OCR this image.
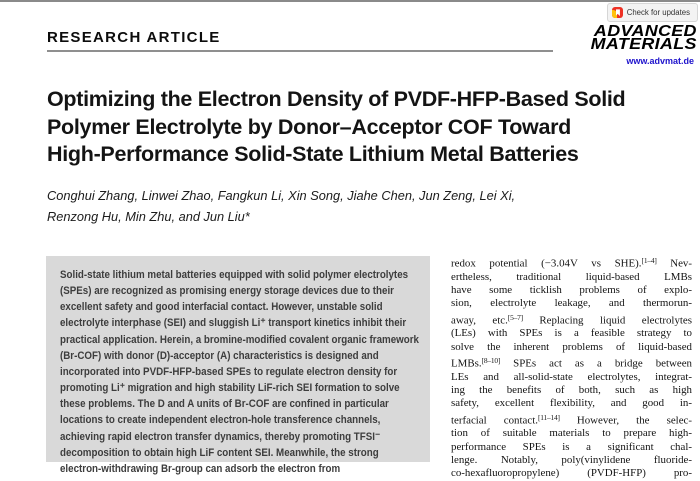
Check for updates
RESEARCH ARTICLE	ADVANCED
MATERIALS
www.advmat.de
Optimizing the Electron Density of PVDF-HFP-Based Solid
Polymer Electrolyte by Donor–Acceptor COF Toward
High-Performance Solid-State Lithium Metal Batteries
Conghui Zhang, Linwei Zhao, Fangkun Li, Xin Song, Jiahe Chen, Jun Zeng, Lei Xi,
Renzong Hu, Min Zhu, and Jun Liu*
Solid-state lithium metal batteries equipped with solid polymer electrolytes
(SPEs) are recognized as promising energy storage devices due to their
excellent safety and good interfacial contact. However, unstable solid
electrolyte interphase (SEI) and sluggish Li⁺ transport kinetics inhibit their
practical application. Herein, a bromine-modified covalent organic framework
(Br-COF) with donor (D)-acceptor (A) characteristics is designed and
incorporated into PVDF-HFP-based SPEs to regulate electron density for
promoting Li⁺ migration and high stability LiF-rich SEI formation to solve
these problems. The D and A units of Br-COF are confined in particular
locations to create independent electron-hole transference channels,
achieving rapid electron transfer dynamics, thereby promoting TFSI⁻
decomposition to obtain high LiF content SEI. Meanwhile, the strong
electron-withdrawing Br-group can adsorb the electron from
redox potential (−3.04V vs SHE).[1–4] Nev-
ertheless, traditional liquid-based LMBs
have some ticklish problems of explo-
sion, electrolyte leakage, and thermorun-
away, etc.[5–7] Replacing liquid electrolytes
(LEs) with SPEs is a feasible strategy to
solve the inherent problems of liquid-based
LMBs.[8–10] SPEs act as a bridge between
LEs and all-solid-state electrolytes, integrat-
ing the benefits of both, such as high
safety, excellent flexibility, and good in-
terfacial contact.[11–14] However, the selec-
tion of suitable materials to prepare high-
performance SPEs is a significant chal-
lenge. Notably, poly(vinylidene fluoride-
co-hexafluoropropylene) (PVDF-HFP) pro-
